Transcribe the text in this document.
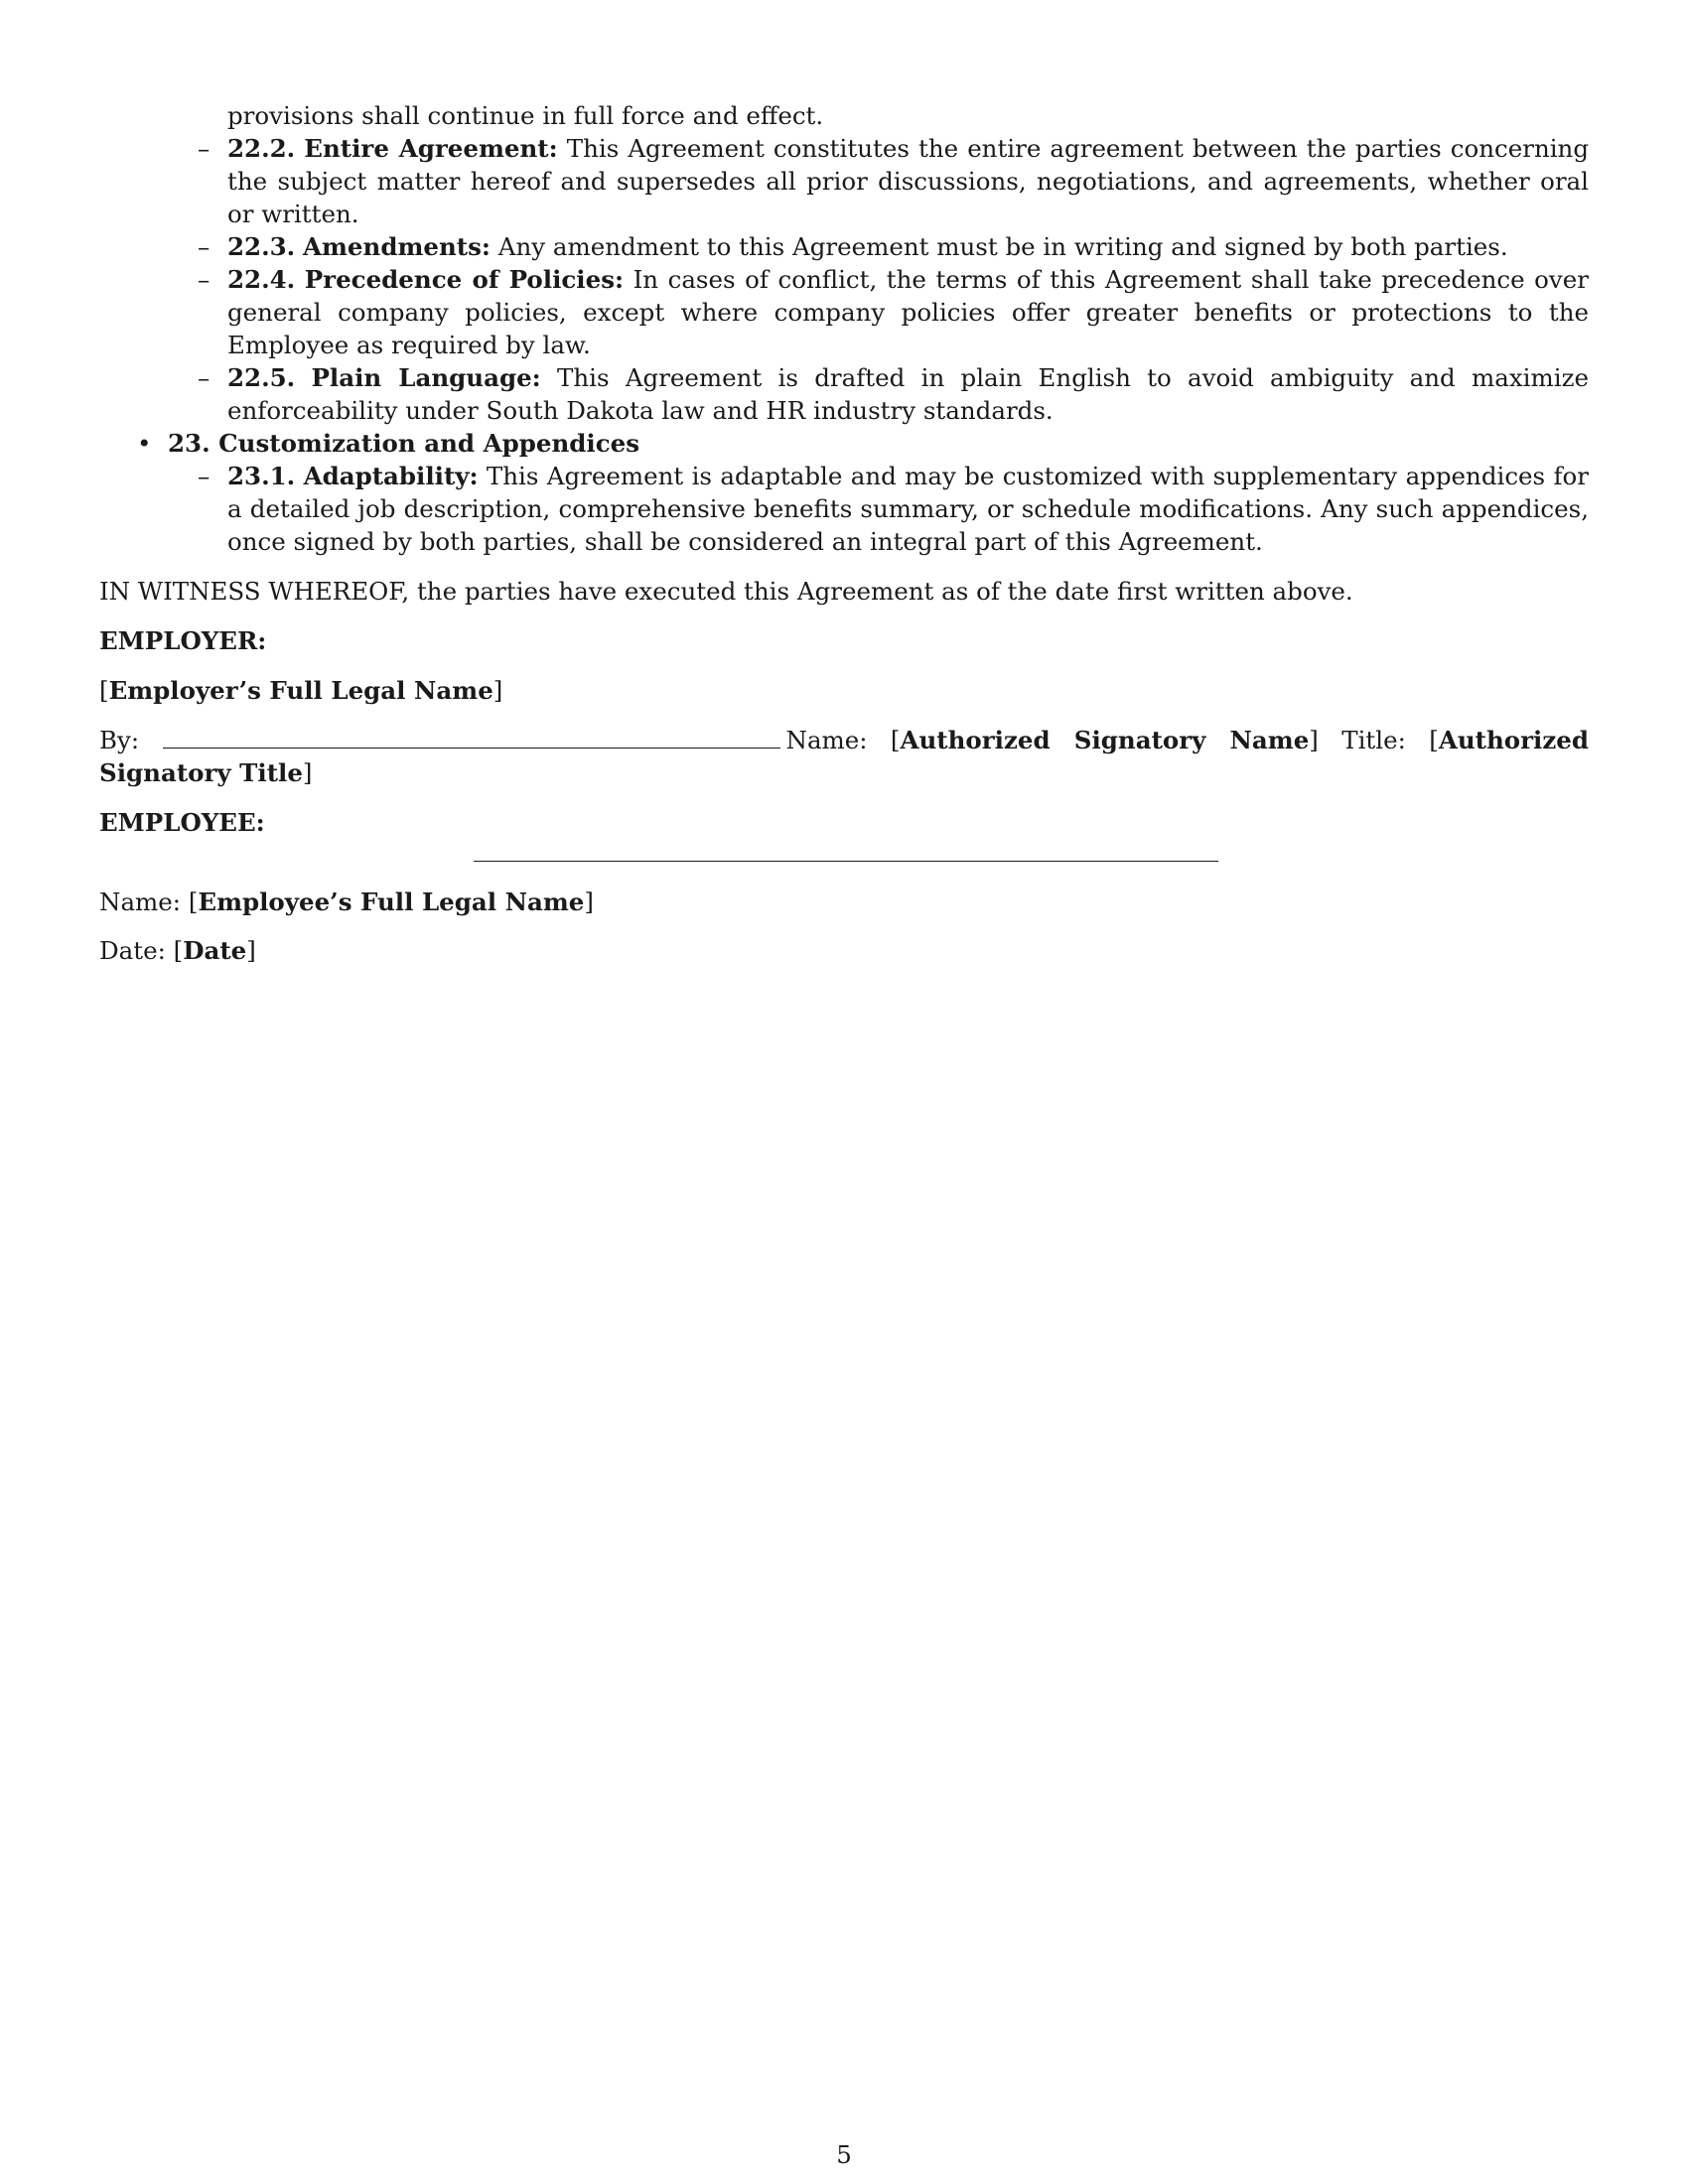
provisions shall continue in full force and effect.

– 22.2. Entire Agreement: This Agreement constitutes the entire agreement between the parties concerning the subject matter hereof and supersedes all prior discussions, negotiations, and agreements, whether oral or written.
– 22.3. Amendments: Any amendment to this Agreement must be in writing and signed by both parties.
– 22.4. Precedence of Policies: In cases of conflict, the terms of this Agreement shall take precedence over general company policies, except where company policies offer greater benefits or protections to the Employee as required by law.
– 22.5. Plain Language: This Agreement is drafted in plain English to avoid ambiguity and maximize enforceability under South Dakota law and HR industry standards.
• 23. Customization and Appendices
– 23.1. Adaptability: This Agreement is adaptable and may be customized with supplementary appendices for a detailed job description, comprehensive benefits summary, or schedule modifications. Any such appendices, once signed by both parties, shall be considered an integral part of this Agreement.

IN WITNESS WHEREOF, the parties have executed this Agreement as of the date first written above.

EMPLOYER:

[Employer’s Full Legal Name]

By:	Name: [Authorized Signatory Name] Title: [Authorized Signatory Title]

EMPLOYEE:

Name: [Employee’s Full Legal Name]

Date: [Date]

5
